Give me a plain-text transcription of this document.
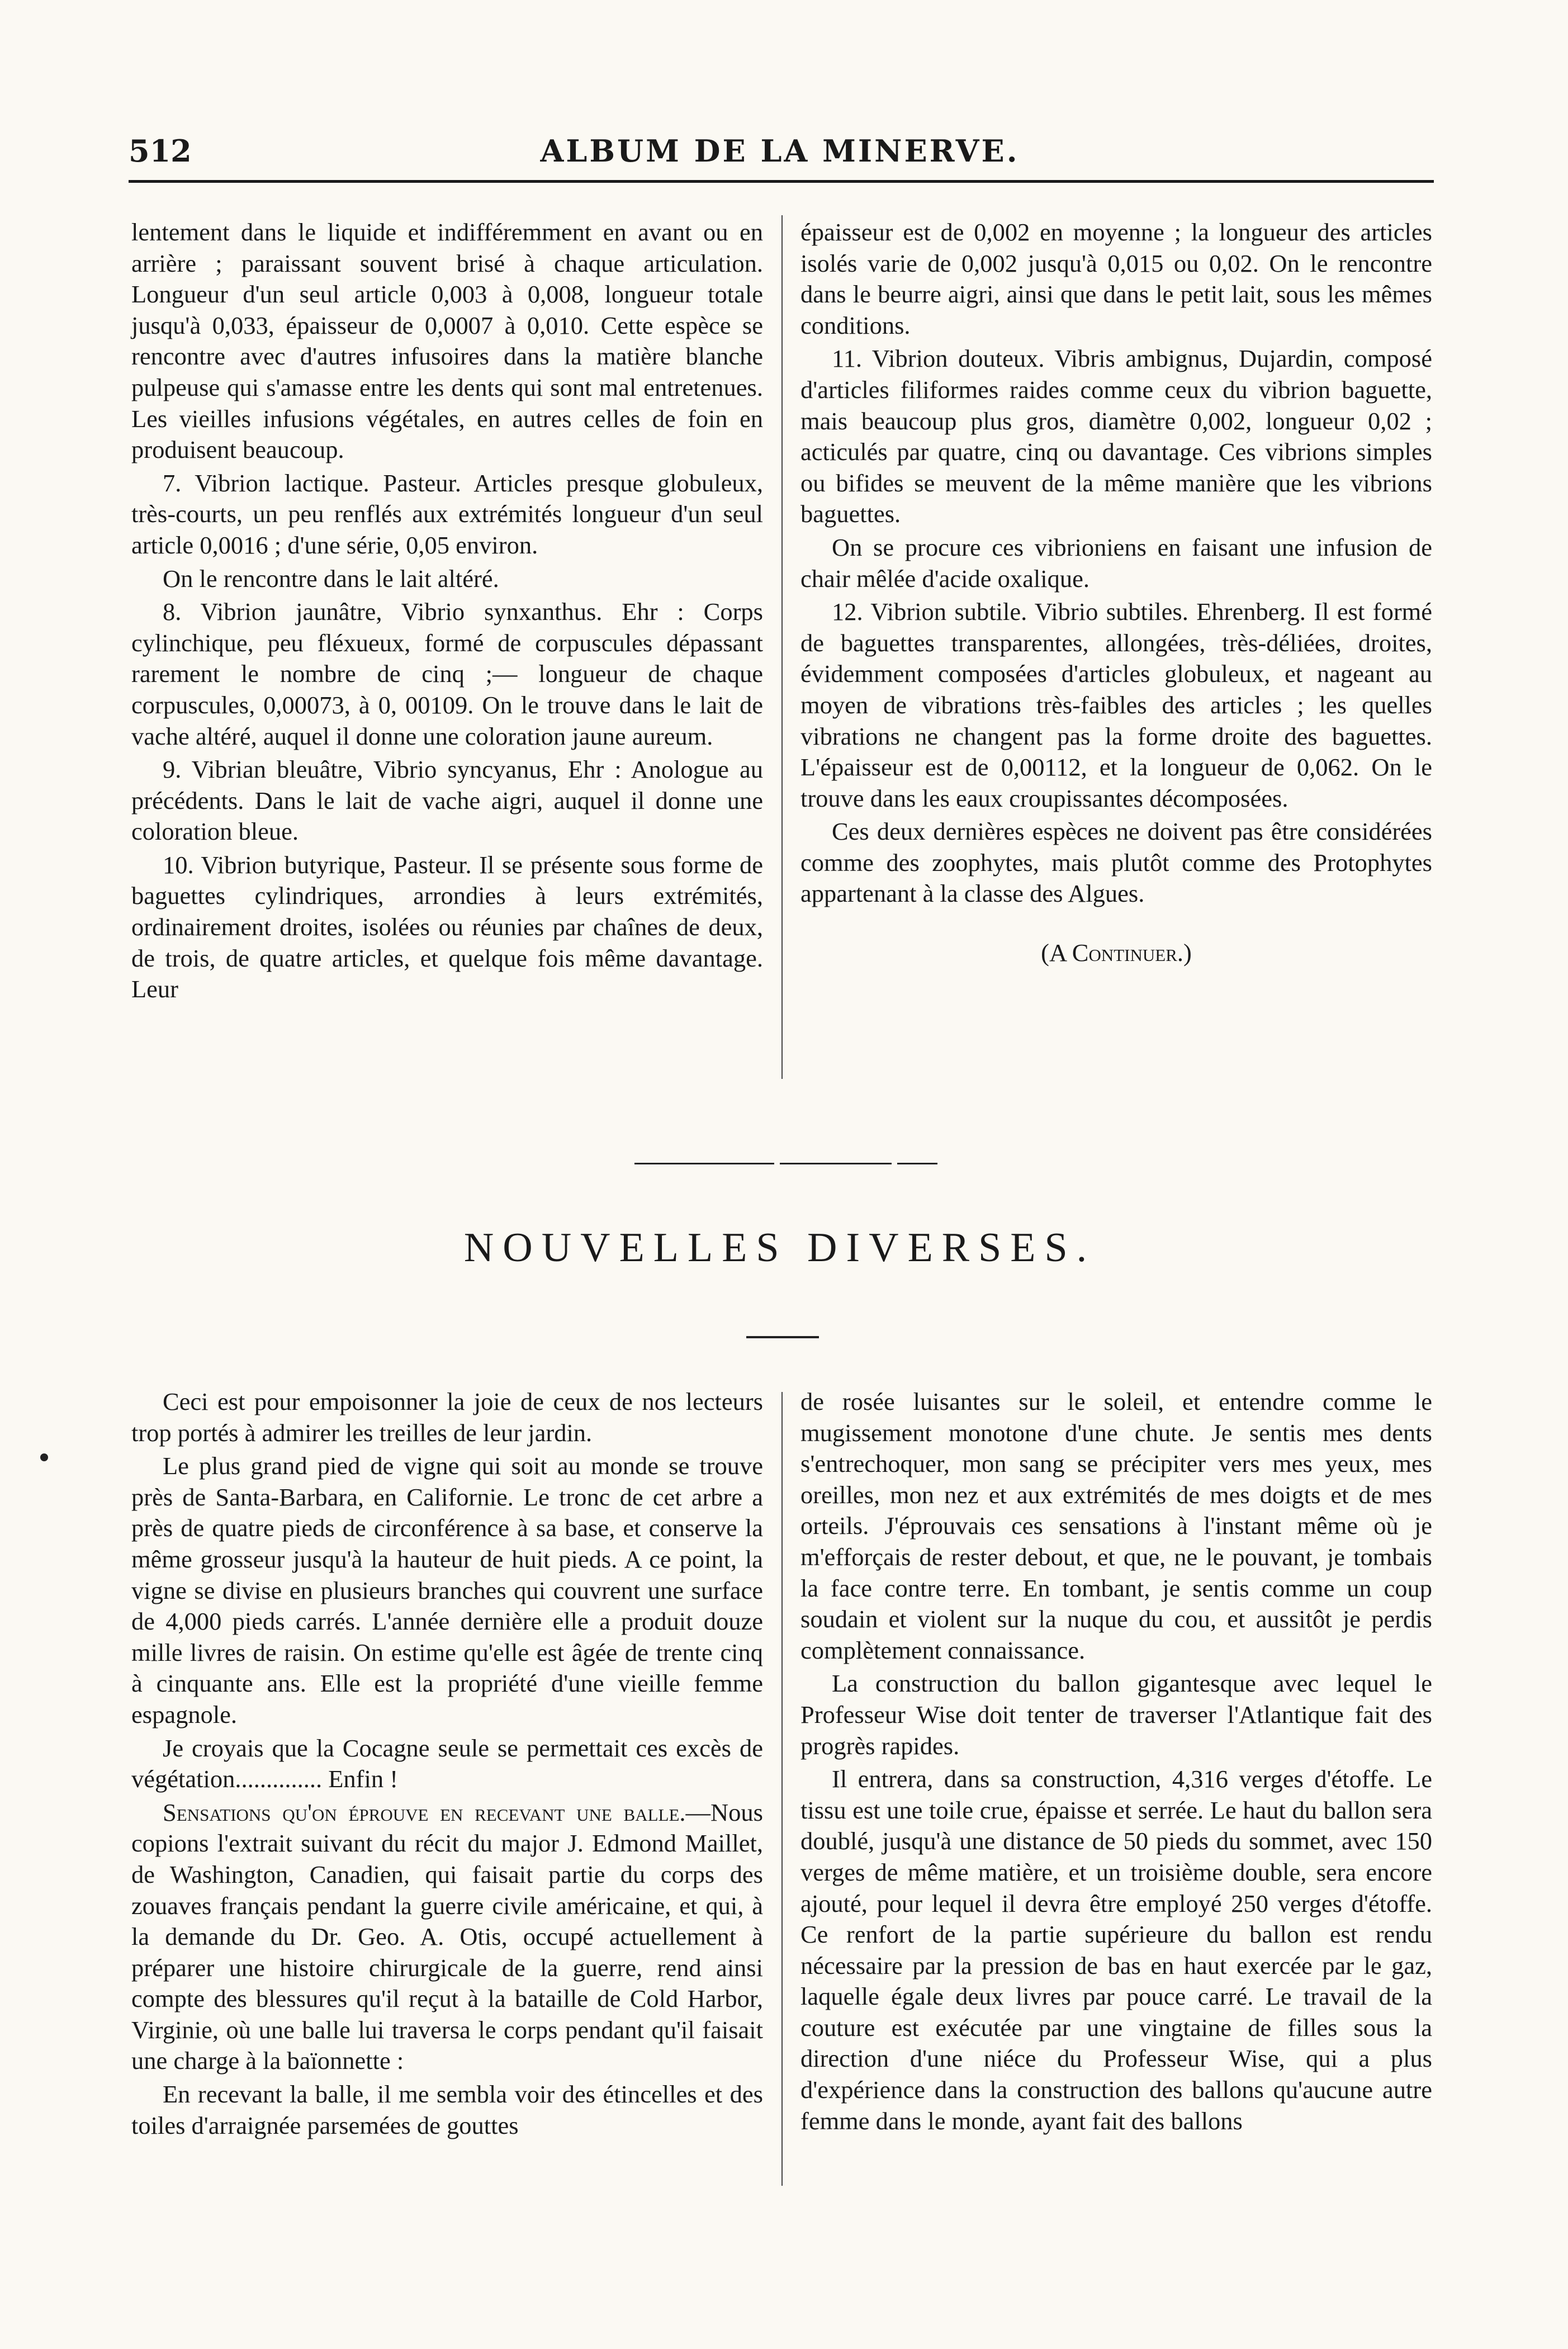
512	ALBUM DE LA MINERVE.

lentement dans le liquide et indifféremment en avant ou en arrière ; paraissant souvent brisé à chaque articulation. Longueur d'un seul article 0,003 à 0,008, longueur totale jusqu'à 0,033, épaisseur de 0,0007 à 0,010. Cette espèce se rencontre avec d'autres infusoires dans la matière blanche pulpeuse qui s'amasse entre les dents qui sont mal entretenues. Les vieilles infusions végétales, en autres celles de foin en produisent beaucoup.

7. Vibrion lactique. Pasteur. Articles presque globuleux, très-courts, un peu renflés aux extrémités longueur d'un seul article 0,0016 ; d'une série, 0,05 environ.

On le rencontre dans le lait altéré.

8. Vibrion jaunâtre, Vibrio synxanthus. Ehr : Corps cylinchique, peu fléxueux, formé de corpuscules dépassant rarement le nombre de cinq ;— longueur de chaque corpuscules, 0,00073, à 0, 00109. On le trouve dans le lait de vache altéré, auquel il donne une coloration jaune aureum.

9. Vibrian bleuâtre, Vibrio syncyanus, Ehr : Anologue au précédents. Dans le lait de vache aigri, auquel il donne une coloration bleue.

10. Vibrion butyrique, Pasteur. Il se présente sous forme de baguettes cylindriques, arrondies à leurs extrémités, ordinairement droites, isolées ou réunies par chaînes de deux, de trois, de quatre articles, et quelque fois même davantage. Leur

épaisseur est de 0,002 en moyenne ; la longueur des articles isolés varie de 0,002 jusqu'à 0,015 ou 0,02. On le rencontre dans le beurre aigri, ainsi que dans le petit lait, sous les mêmes conditions.

11. Vibrion douteux. Vibris ambignus, Dujardin, composé d'articles filiformes raides comme ceux du vibrion baguette, mais beaucoup plus gros, diamètre 0,002, longueur 0,02 ; acticulés par quatre, cinq ou davantage. Ces vibrions simples ou bifides se meuvent de la même manière que les vibrions baguettes.

On se procure ces vibrioniens en faisant une infusion de chair mêlée d'acide oxalique.

12. Vibrion subtile. Vibrio subtiles. Ehrenberg. Il est formé de baguettes transparentes, allongées, très-déliées, droites, évidemment composées d'articles globuleux, et nageant au moyen de vibrations très-faibles des articles ; les quelles vibrations ne changent pas la forme droite des baguettes. L'épaisseur est de 0,00112, et la longueur de 0,062. On le trouve dans les eaux croupissantes décomposées.

Ces deux dernières espèces ne doivent pas être considérées comme des zoophytes, mais plutôt comme des Protophytes appartenant à la classe des Algues.

(A Continuer.)

NOUVELLES DIVERSES.

Ceci est pour empoisonner la joie de ceux de nos lecteurs trop portés à admirer les treilles de leur jardin.

Le plus grand pied de vigne qui soit au monde se trouve près de Santa-Barbara, en Californie. Le tronc de cet arbre a près de quatre pieds de circonférence à sa base, et conserve la même grosseur jusqu'à la hauteur de huit pieds. A ce point, la vigne se divise en plusieurs branches qui couvrent une surface de 4,000 pieds carrés. L'année dernière elle a produit douze mille livres de raisin. On estime qu'elle est âgée de trente cinq à cinquante ans. Elle est la propriété d'une vieille femme espagnole.

Je croyais que la Cocagne seule se permettait ces excès de végétation.............. Enfin !

Sensations qu'on éprouve en recevant une balle.—Nous copions l'extrait suivant du récit du major J. Edmond Maillet, de Washington, Canadien, qui faisait partie du corps des zouaves français pendant la guerre civile américaine, et qui, à la demande du Dr. Geo. A. Otis, occupé actuellement à préparer une histoire chirurgicale de la guerre, rend ainsi compte des blessures qu'il reçut à la bataille de Cold Harbor, Virginie, où une balle lui traversa le corps pendant qu'il faisait une charge à la baïonnette :

En recevant la balle, il me sembla voir des étincelles et des toiles d'arraignée parsemées de gouttes

de rosée luisantes sur le soleil, et entendre comme le mugissement monotone d'une chute. Je sentis mes dents s'entrechoquer, mon sang se précipiter vers mes yeux, mes oreilles, mon nez et aux extrémités de mes doigts et de mes orteils. J'éprouvais ces sensations à l'instant même où je m'efforçais de rester debout, et que, ne le pouvant, je tombais la face contre terre. En tombant, je sentis comme un coup soudain et violent sur la nuque du cou, et aussitôt je perdis complètement connaissance.

La construction du ballon gigantesque avec lequel le Professeur Wise doit tenter de traverser l'Atlantique fait des progrès rapides.

Il entrera, dans sa construction, 4,316 verges d'étoffe. Le tissu est une toile crue, épaisse et serrée. Le haut du ballon sera doublé, jusqu'à une distance de 50 pieds du sommet, avec 150 verges de même matière, et un troisième double, sera encore ajouté, pour lequel il devra être employé 250 verges d'étoffe. Ce renfort de la partie supérieure du ballon est rendu nécessaire par la pression de bas en haut exercée par le gaz, laquelle égale deux livres par pouce carré. Le travail de la couture est exécutée par une vingtaine de filles sous la direction d'une niéce du Professeur Wise, qui a plus d'expérience dans la construction des ballons qu'aucune autre femme dans le monde, ayant fait des ballons
